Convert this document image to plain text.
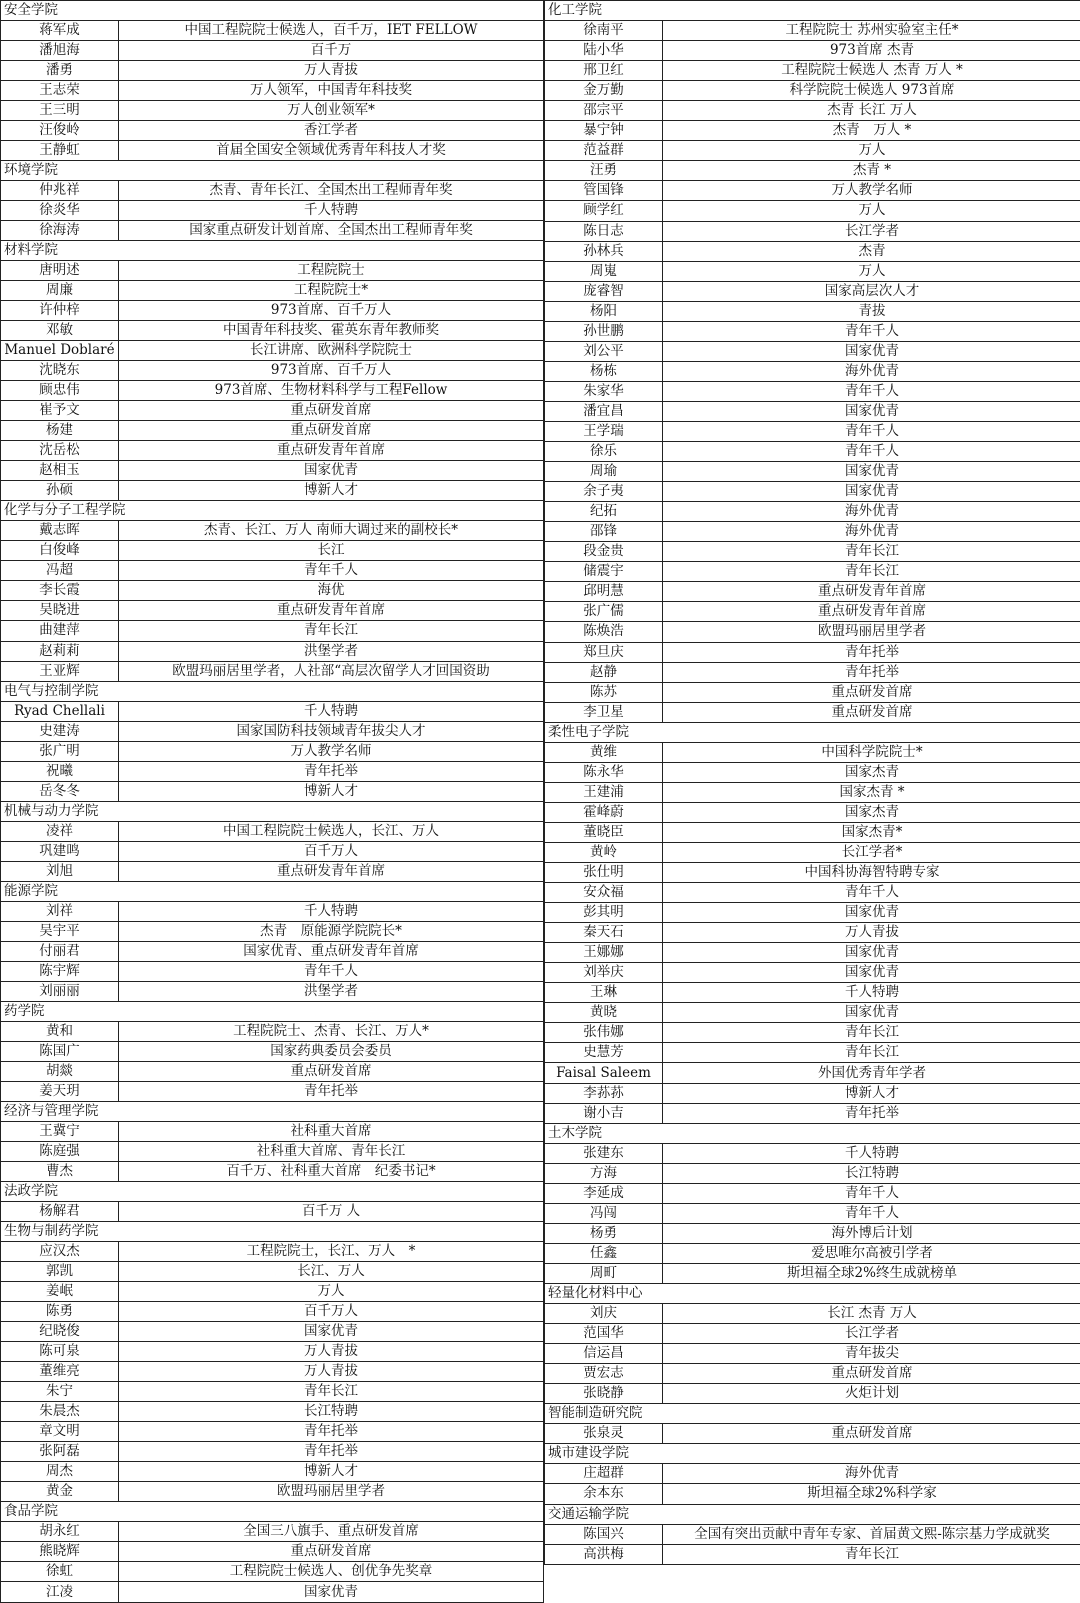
安全学院	
蒋军成	中国工程院院士候选人，百千万，IET FELLOW
潘旭海	百千万
潘勇	万人青拔
王志荣	万人领军，中国青年科技奖
王三明	万人创业领军*
汪俊岭	香江学者
王静虹	首届全国安全领域优秀青年科技人才奖
环境学院	
仲兆祥	杰青、青年长江、全国杰出工程师青年奖
徐炎华	千人特聘
徐海涛	国家重点研发计划首席、全国杰出工程师青年奖
材料学院	
唐明述	工程院院士
周廉	工程院院士*
许仲梓	973首席、百千万人
邓敏	中国青年科技奖、霍英东青年教师奖
Manuel Doblaré	长江讲席、欧洲科学院院士
沈晓东	973首席、百千万人
顾忠伟	973首席、生物材料科学与工程Fellow
崔予文	重点研发首席
杨建	重点研发首席
沈岳松	重点研发青年首席
赵相玉	国家优青
孙硕	博新人才
化学与分子工程学院	
戴志晖	杰青、长江、万人 南师大调过来的副校长*
白俊峰	长江
冯超	青年千人
李长霞	海优
吴晓进	重点研发青年首席
曲建萍	青年长江
赵莉莉	洪堡学者
王亚辉	欧盟玛丽居里学者，人社部“高层次留学人才回国资助
电气与控制学院	
Ryad Chellali	千人特聘
史建涛	国家国防科技领域青年拔尖人才
张广明	万人教学名师
祝曦	青年托举
岳冬冬	博新人才
机械与动力学院	
凌祥	中国工程院院士候选人，长江、万人
巩建鸣	百千万人
刘旭	重点研发青年首席
能源学院	
刘祥	千人特聘
吴宇平	杰青　原能源学院院长*
付丽君	国家优青、重点研发青年首席
陈宇辉	青年千人
刘丽丽	洪堡学者
药学院	
黄和	工程院院士、杰青、长江、万人*
陈国广	国家药典委员会委员
胡燚	重点研发首席
姜天玥	青年托举
经济与管理学院	
王冀宁	社科重大首席
陈庭强	社科重大首席、青年长江
曹杰	百千万、社科重大首席　纪委书记*
法政学院	
杨解君	百千万 人
生物与制药学院	
应汉杰	工程院院士，长江、万人　*
郭凯	长江、万人
姜岷	万人
陈勇	百千万人
纪晓俊	国家优青
陈可泉	万人青拔
董维亮	万人青拔
朱宁	青年长江
朱晨杰	长江特聘
章文明	青年托举
张阿磊	青年托举
周杰	博新人才
黄金	欧盟玛丽居里学者
食品学院	
胡永红	全国三八旗手、重点研发首席
熊晓辉	重点研发首席
徐虹	工程院院士候选人、创优争先奖章
江凌	国家优青
化工学院	
徐南平	工程院院士 苏州实验室主任*
陆小华	973首席 杰青
邢卫红	工程院院士候选人 杰青 万人 *
金万勤	科学院院士候选人 973首席
邵宗平	杰青 长江 万人
暴宁钟	杰青　万人 *
范益群	万人
汪勇	杰青 *
管国锋	万人教学名师
顾学红	万人
陈日志	长江学者
孙林兵	杰青
周嵬	万人
庞睿智	国家高层次人才
杨阳	青拔
孙世鹏	青年千人
刘公平	国家优青
杨栋	海外优青
朱家华	青年千人
潘宜昌	国家优青
王学瑞	青年千人
徐乐	青年千人
周瑜	国家优青
余子夷	国家优青
纪拓	海外优青
邵锋	海外优青
段金贵	青年长江
储震宇	青年长江
邱明慧	重点研发青年首席
张广儒	重点研发青年首席
陈焕浩	欧盟玛丽居里学者
郑旦庆	青年托举
赵静	青年托举
陈苏	重点研发首席
李卫星	重点研发首席
柔性电子学院	
黄维	中国科学院院士*
陈永华	国家杰青
王建浦	国家杰青 *
霍峰蔚	国家杰青
董晓臣	国家杰青*
黄岭	长江学者*
张仕明	中国科协海智特聘专家
安众福	青年千人
彭其明	国家优青
秦天石	万人青拔
王娜娜	国家优青
刘举庆	国家优青
王琳	千人特聘
黄晓	国家优青
张伟娜	青年长江
史慧芳	青年长江
Faisal Saleem	外国优秀青年学者
李荪荪	博新人才
谢小吉	青年托举
土木学院	
张建东	千人特聘
方海	长江特聘
李延成	青年千人
冯闯	青年千人
杨勇	海外博后计划
任鑫	爱思唯尔高被引学者
周町	斯坦福全球2%终生成就榜单
轻量化材料中心	
刘庆	长江 杰青 万人
范国华	长江学者
信运昌	青年拔尖
贾宏志	重点研发首席
张晓静	火炬计划
智能制造研究院	
张泉灵	重点研发首席
城市建设学院	
庄超群	海外优青
余本东	斯坦福全球2%科学家
交通运输学院	
陈国兴	全国有突出贡献中青年专家、首届黄文熙-陈宗基力学成就奖
高洪梅	青年长江
